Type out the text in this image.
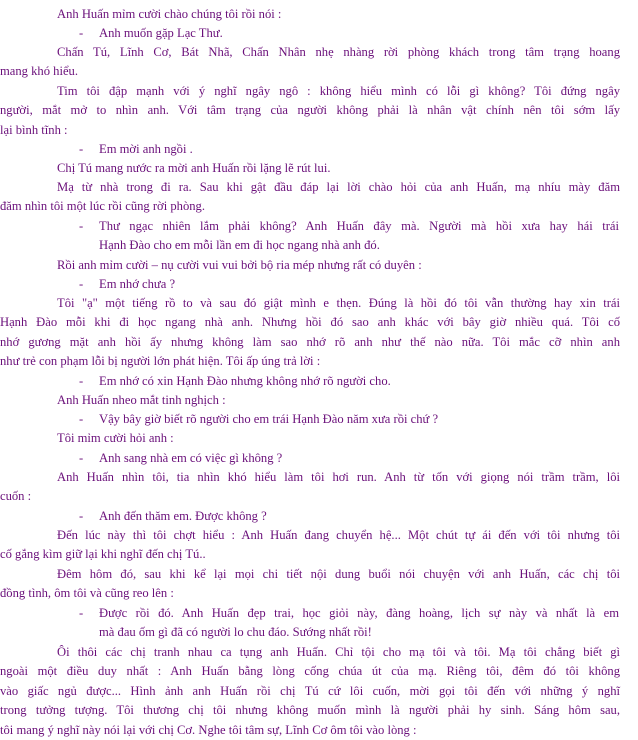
Anh Huấn mỉm cười chào chúng tôi rồi nói :
- Anh muốn gặp Lạc Thư.
Chấn Tú, Lĩnh Cơ, Bát Nhã, Chấn Nhân nhẹ nhàng rời phòng khách trong tâm trạng hoang
mang khó hiểu.
Tim tôi đập mạnh với ý nghĩ ngây ngô : không hiểu mình có lỗi gì không? Tôi đứng ngây
người, mắt mở to nhìn anh. Với tâm trạng của người không phải là nhân vật chính nên tôi sớm lấy
lại bình tĩnh :
- Em mời anh ngồi .
Chị Tú mang nước ra mời anh Huấn rồi lặng lẽ rút lui.
Mạ từ nhà trong đi ra. Sau khi gật đầu đáp lại lời chào hỏi của anh Huấn, mạ nhíu mày đăm
đăm nhìn tôi một lúc rồi cũng rời phòng.
- Thư ngạc nhiên lắm phải không? Anh Huấn đây mà. Người mà hồi xưa hay hái trái
Hạnh Đào cho em mỗi lần em đi học ngang nhà anh đó.
Rồi anh mỉm cười – nụ cười vui vui bởi bộ ria mép nhưng rất có duyên :
- Em nhớ chưa ?
Tôi "ạ" một tiếng rồ to và sau đó giật mình e thẹn. Đúng là hồi đó tôi vẫn thường hay xin trái
Hạnh Đào mỗi khi đi học ngang nhà anh. Nhưng hồi đó sao anh khác với bây giờ nhiều quá. Tôi cố
nhớ gương mặt anh hồi ấy nhưng không làm sao nhớ rõ anh như thế nào nữa. Tôi mắc cỡ nhìn anh
như trẻ con phạm lỗi bị người lớn phát hiện. Tôi ấp úng trả lời :
- Em nhớ có xin Hạnh Đào nhưng không nhớ rõ người cho.
Anh Huấn nheo mắt tinh nghịch :
- Vậy bây giờ biết rõ người cho em trái Hạnh Đào năm xưa rồi chứ ?
Tôi mỉm cười hỏi anh :
- Anh sang nhà em có việc gì không ?
Anh Huấn nhìn tôi, tia nhìn khó hiểu làm tôi hơi run. Anh từ tốn với giọng nói trầm trầm, lôi
cuốn :
- Anh đến thăm em. Được không ?
Đến lúc này thì tôi chợt hiểu : Anh Huấn đang chuyển hệ... Một chút tự ái đến với tôi nhưng tôi
cố gắng kìm giữ lại khi nghĩ đến chị Tú..
Đêm hôm đó, sau khi kể lại mọi chi tiết nội dung buổi nói chuyện với anh Huấn, các chị tôi
đồng tình, ôm tôi và cũng reo lên :
- Được rồi đó. Anh Huấn đẹp trai, học giỏi này, đàng hoàng, lịch sự này và nhất là em
mà đau ốm gì đã có người lo chu đáo. Sướng nhất rồi!
Ôi thôi các chị tranh nhau ca tụng anh Huấn. Chỉ tội cho mạ tôi và tôi. Mạ tôi chẳng biết gì
ngoài một điều duy nhất : Anh Huấn bằng lòng cống chúa út của mạ. Riêng tôi, đêm đó tôi không
vào giấc ngủ được... Hình ảnh anh Huấn rồi chị Tú cứ lôi cuốn, mời gọi tôi đến với những ý nghĩ
trong tưởng tượng. Tôi thương chị tôi nhưng không muốn mình là người phải hy sinh. Sáng hôm sau,
tôi mang ý nghĩ này nói lại với chị Cơ. Nghe tôi tâm sự, Lĩnh Cơ ôm tôi vào lòng :
